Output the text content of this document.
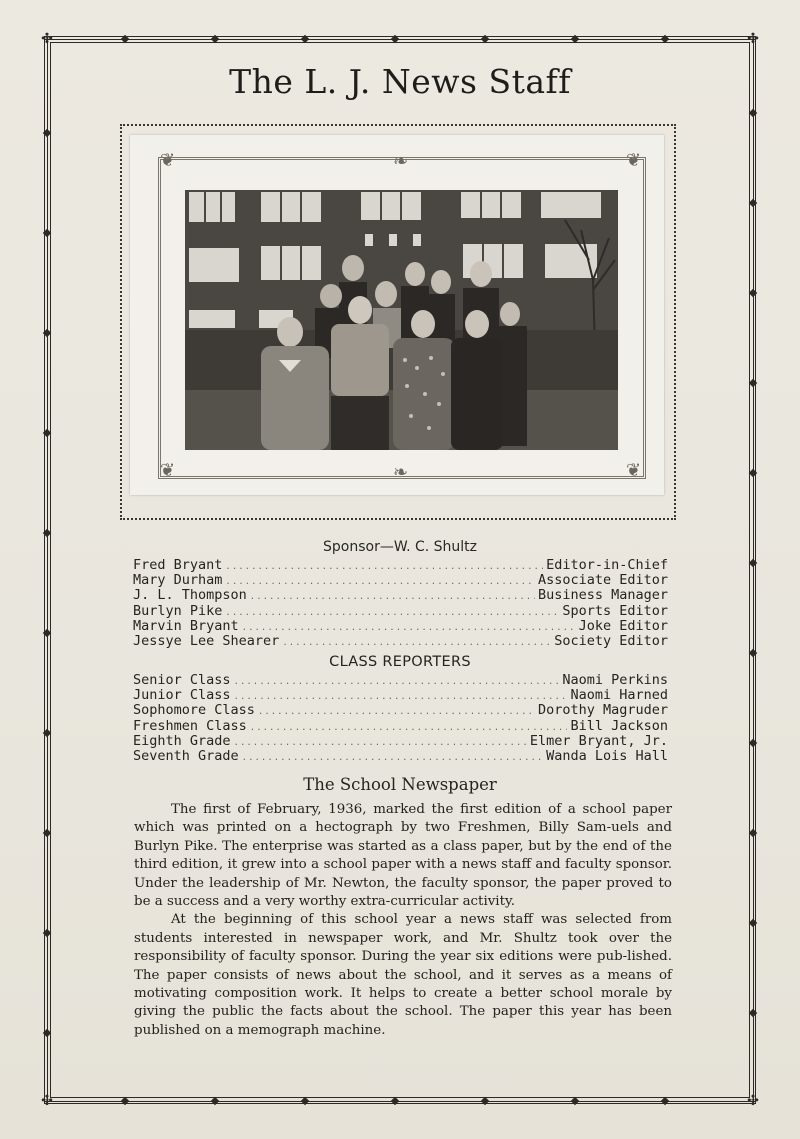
✣	✣
✣	✣
The L. J. News Staff
❦	❦
❦	❦
❧
❧
Sponsor—W. C. Shultz
Fred Bryant .....	Editor-in-Chief
Mary Durham .....	Associate Editor
J. L. Thompson .....	Business Manager
Burlyn Pike .....	Sports Editor
Marvin Bryant .....	Joke Editor
Jessye Lee Shearer .....	Society Editor
CLASS REPORTERS
Senior Class .....	Naomi Perkins
Junior Class .....	Naomi Harned
Sophomore Class .....	Dorothy Magruder
Freshmen Class .....	Bill Jackson
Eighth Grade .....	Elmer Bryant, Jr.
Seventh Grade .....	Wanda Lois Hall
The School Newspaper

The first of February, 1936, marked the first edition of a school paper which was printed on a hectograph by two Freshmen, Billy Sam-uels and Burlyn Pike. The enterprise was started as a class paper, but by the end of the third edition, it grew into a school paper with a news staff and faculty sponsor. Under the leadership of Mr. Newton, the faculty sponsor, the paper proved to be a success and a very worthy extra-curricular activity.

At the beginning of this school year a news staff was selected from students interested in newspaper work, and Mr. Shultz took over the responsibility of faculty sponsor. During the year six editions were pub-lished. The paper consists of news about the school, and it serves as a means of motivating composition work. It helps to create a better school morale by giving the public the facts about the school. The paper this year has been published on a memograph machine.
